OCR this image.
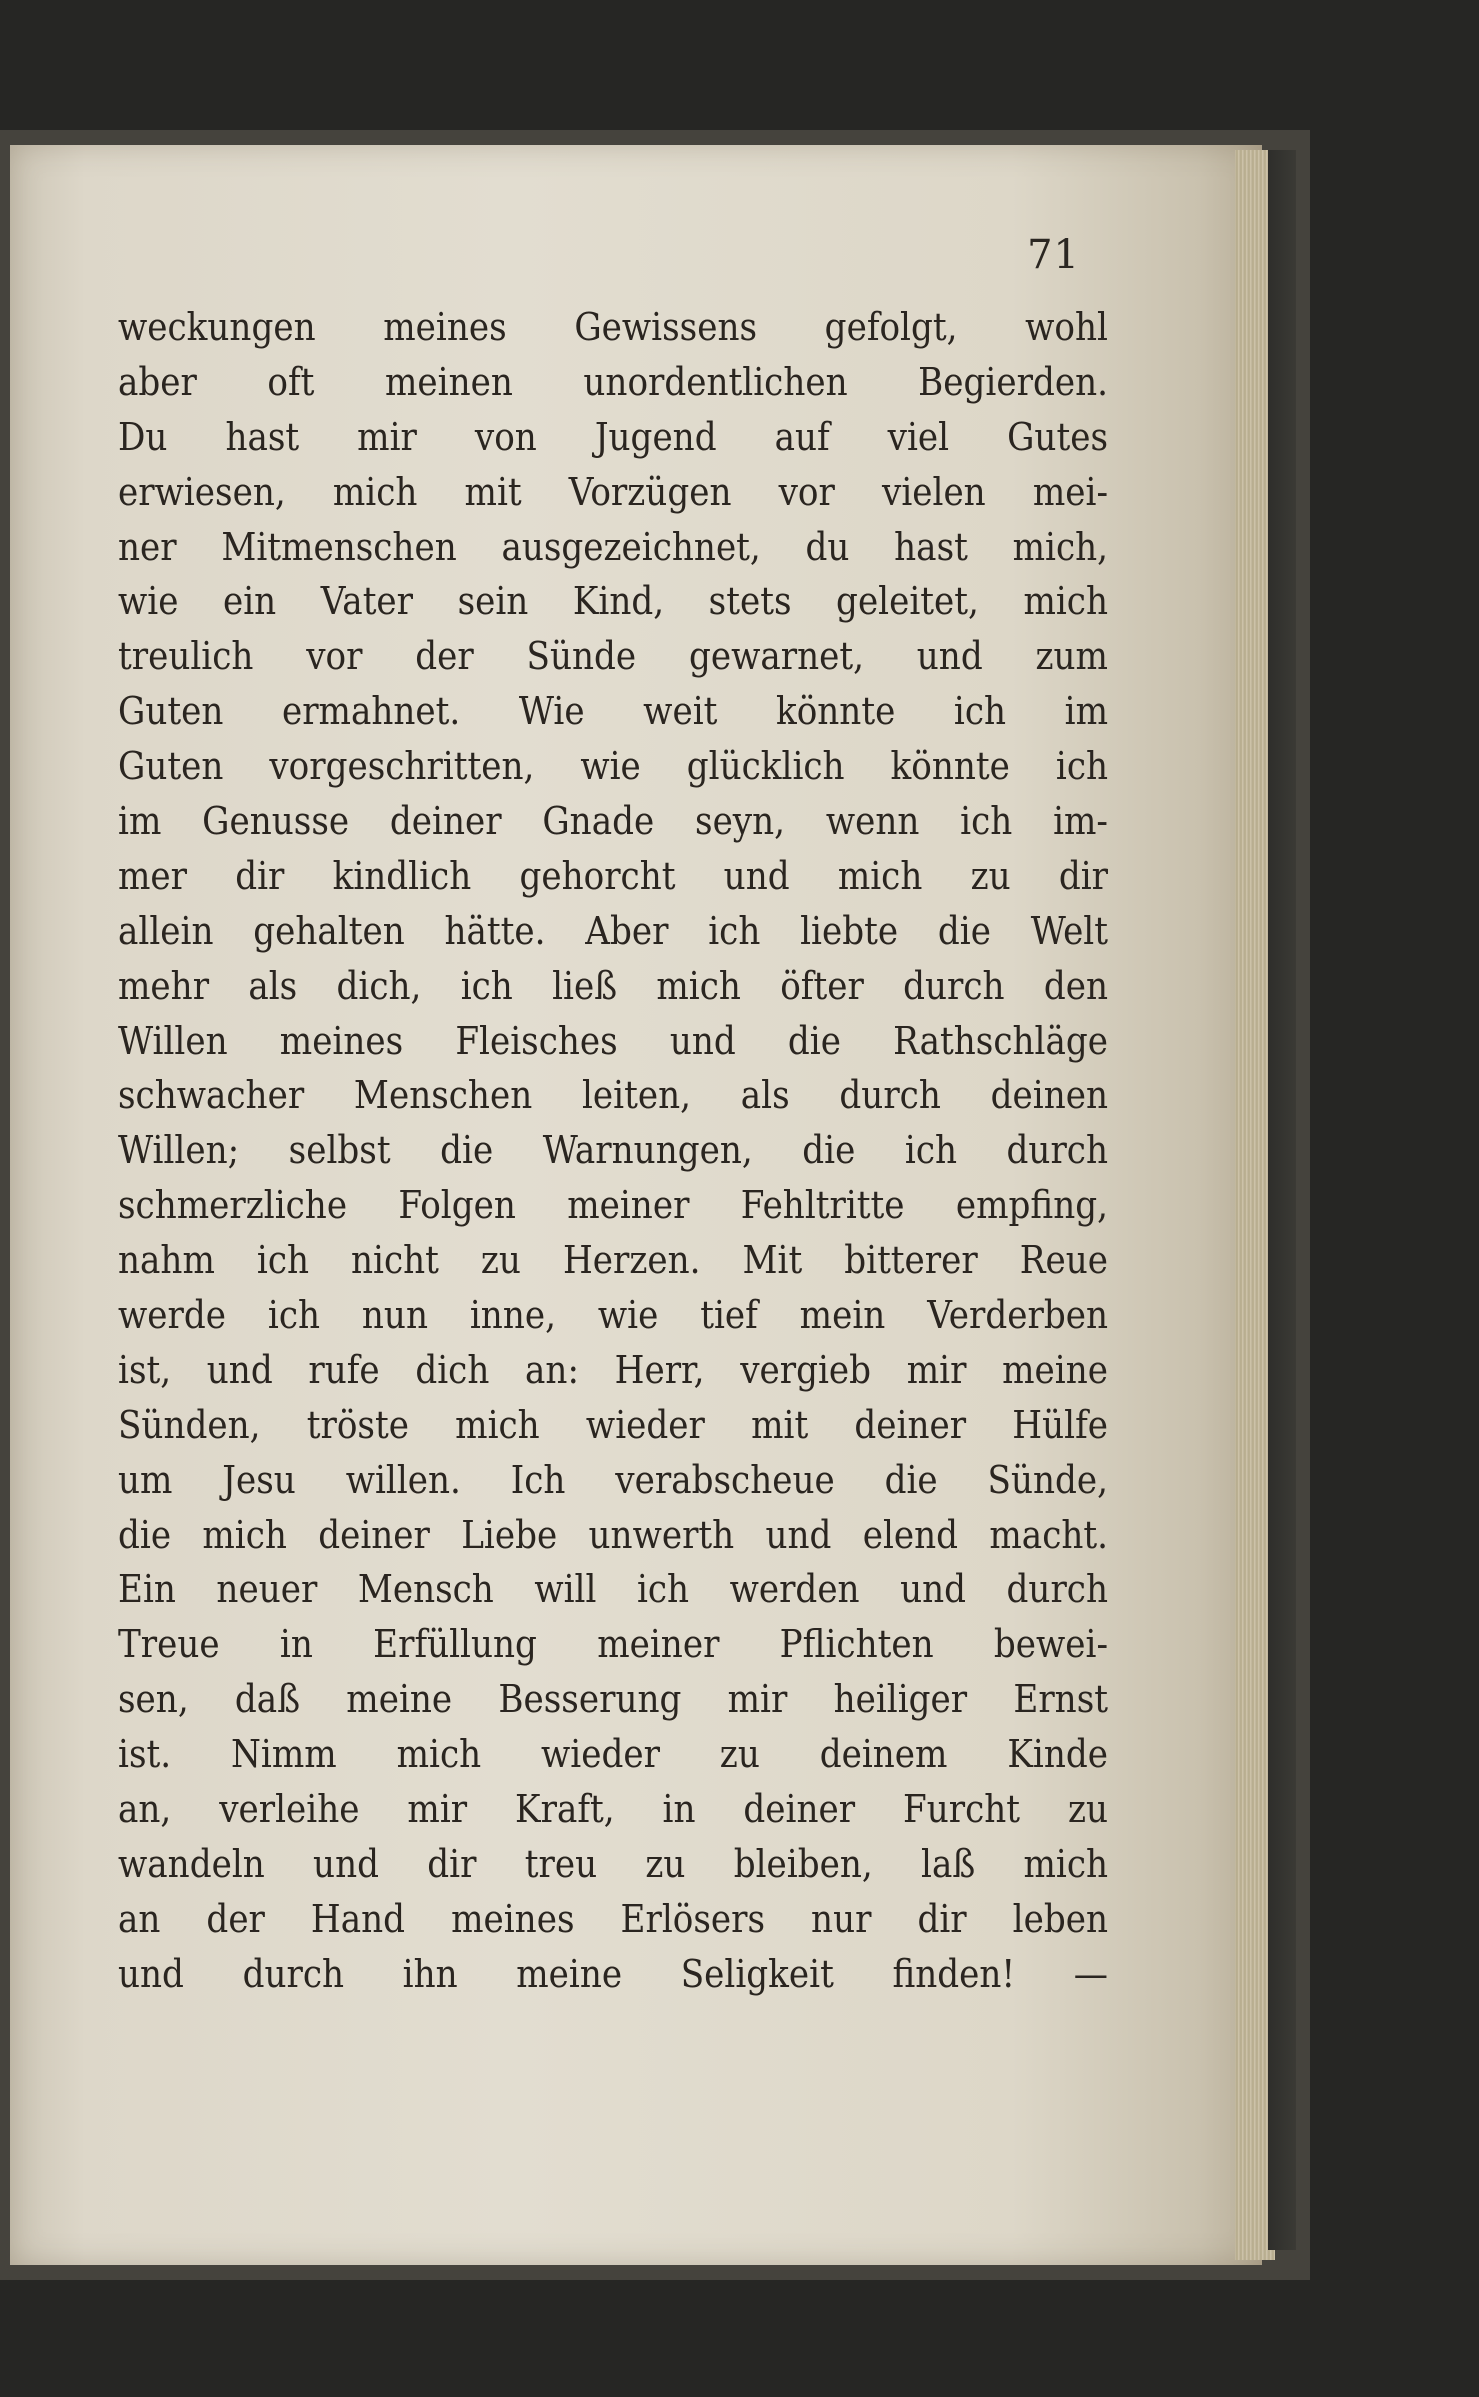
71
weckungen meines Gewissens gefolgt, wohl
aber oft meinen unordentlichen Begierden.
Du hast mir von Jugend auf viel Gutes
erwiesen, mich mit Vorzügen vor vielen mei-
ner Mitmenschen ausgezeichnet, du hast mich,
wie ein Vater sein Kind, stets geleitet, mich
treulich vor der Sünde gewarnet, und zum
Guten ermahnet. Wie weit könnte ich im
Guten vorgeschritten, wie glücklich könnte ich
im Genusse deiner Gnade seyn, wenn ich im-
mer dir kindlich gehorcht und mich zu dir
allein gehalten hätte. Aber ich liebte die Welt
mehr als dich, ich ließ mich öfter durch den
Willen meines Fleisches und die Rathschläge
schwacher Menschen leiten, als durch deinen
Willen; selbst die Warnungen, die ich durch
schmerzliche Folgen meiner Fehltritte empfing,
nahm ich nicht zu Herzen. Mit bitterer Reue
werde ich nun inne, wie tief mein Verderben
ist, und rufe dich an: Herr, vergieb mir meine
Sünden, tröste mich wieder mit deiner Hülfe
um Jesu willen. Ich verabscheue die Sünde,
die mich deiner Liebe unwerth und elend macht.
Ein neuer Mensch will ich werden und durch
Treue in Erfüllung meiner Pflichten bewei-
sen, daß meine Besserung mir heiliger Ernst
ist. Nimm mich wieder zu deinem Kinde
an, verleihe mir Kraft, in deiner Furcht zu
wandeln und dir treu zu bleiben, laß mich
an der Hand meines Erlösers nur dir leben
und durch ihn meine Seligkeit finden! —
